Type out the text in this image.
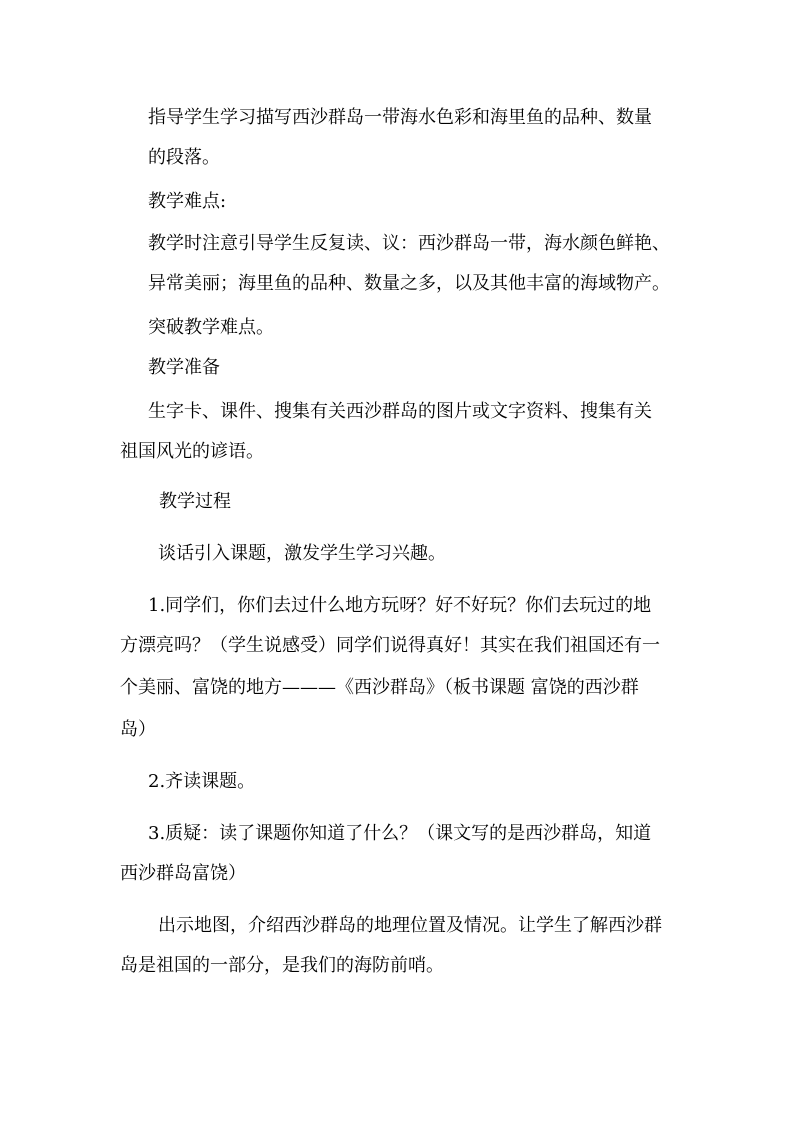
指导学生学习描写西沙群岛一带海水色彩和海里鱼的品种、数量
的段落。
教学难点:
教学时注意引导学生反复读、议：西沙群岛一带，海水颜色鲜艳、
异常美丽；海里鱼的品种、数量之多，以及其他丰富的海域物产。
突破教学难点。
教学准备
生字卡、课件、搜集有关西沙群岛的图片或文字资料、搜集有关
祖国风光的谚语。
教学过程
谈话引入课题，激发学生学习兴趣。
1.同学们，你们去过什么地方玩呀？好不好玩？你们去玩过的地
方漂亮吗？（学生说感受）同学们说得真好！其实在我们祖国还有一
个美丽、富饶的地方———《西沙群岛》（板书课题 富饶的西沙群
岛）
2.齐读课题。
3.质疑：读了课题你知道了什么？（课文写的是西沙群岛，知道
西沙群岛富饶）
出示地图，介绍西沙群岛的地理位置及情况。让学生了解西沙群
岛是祖国的一部分，是我们的海防前哨。
